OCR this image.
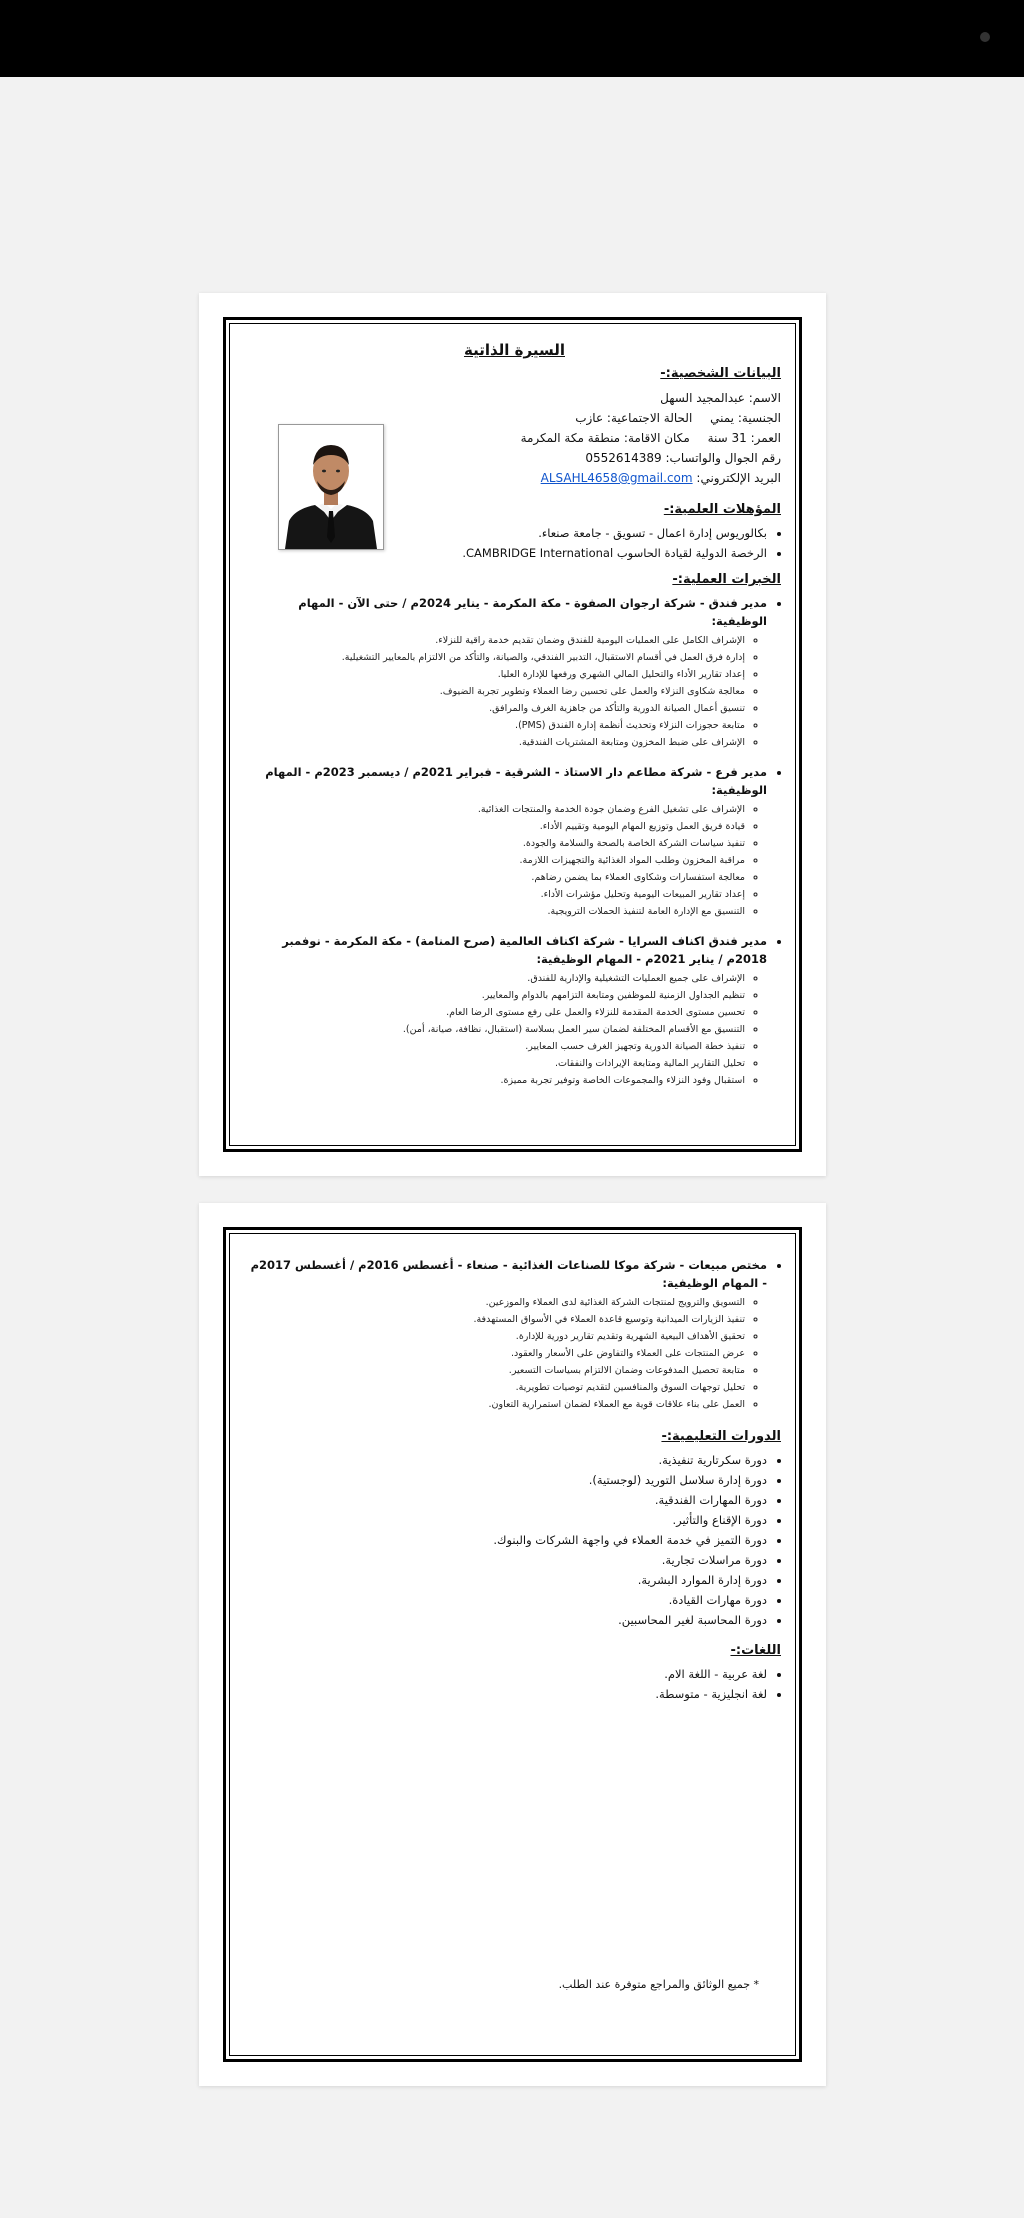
السيرة الذاتية
البيانات الشخصية:-

الاسم: عبدالمجيد السهل

الجنسية: يمني الحالة الاجتماعية: عازب

العمر: 31 سنة مكان الاقامة: منطقة مكة المكرمة

رقم الجوال والواتساب: 0552614389

البريد الإلكتروني: ALSAHL4658@gmail.com

المؤهلات العلمية:-
• بكالوريوس إدارة اعمال - تسويق - جامعة صنعاء.
• الرخصة الدولية لقيادة الحاسوب CAMBRIDGE International.
الخبرات العملية:-
• مدير فندق - شركة ارجوان الصفوة - مكة المكرمة - يناير 2024م / حتى الآن - المهام الوظيفية:
◦ الإشراف الكامل على العمليات اليومية للفندق وضمان تقديم خدمة راقية للنزلاء.
◦ إدارة فرق العمل في أقسام الاستقبال، التدبير الفندقي، والصيانة، والتأكد من الالتزام بالمعايير التشغيلية.
◦ إعداد تقارير الأداء والتحليل المالي الشهري ورفعها للإدارة العليا.
◦ معالجة شكاوى النزلاء والعمل على تحسين رضا العملاء وتطوير تجربة الضيوف.
◦ تنسيق أعمال الصيانة الدورية والتأكد من جاهزية الغرف والمرافق.
◦ متابعة حجوزات النزلاء وتحديث أنظمة إدارة الفندق (PMS).
◦ الإشراف على ضبط المخزون ومتابعة المشتريات الفندقية.
• مدير فرع - شركة مطاعم دار الاستاذ - الشرقية - فبراير 2021م / ديسمبر 2023م - المهام الوظيفية:
◦ الإشراف على تشغيل الفرع وضمان جودة الخدمة والمنتجات الغذائية.
◦ قيادة فريق العمل وتوزيع المهام اليومية وتقييم الأداء.
◦ تنفيذ سياسات الشركة الخاصة بالصحة والسلامة والجودة.
◦ مراقبة المخزون وطلب المواد الغذائية والتجهيزات اللازمة.
◦ معالجة استفسارات وشكاوى العملاء بما يضمن رضاهم.
◦ إعداد تقارير المبيعات اليومية وتحليل مؤشرات الأداء.
◦ التنسيق مع الإدارة العامة لتنفيذ الحملات الترويجية.
• مدير فندق اكناف السرايا - شركة اكناف العالمية (صرح المنامة) - مكة المكرمة - نوفمبر 2018م / يناير 2021م - المهام الوظيفية:
◦ الإشراف على جميع العمليات التشغيلية والإدارية للفندق.
◦ تنظيم الجداول الزمنية للموظفين ومتابعة التزامهم بالدوام والمعايير.
◦ تحسين مستوى الخدمة المقدمة للنزلاء والعمل على رفع مستوى الرضا العام.
◦ التنسيق مع الأقسام المختلفة لضمان سير العمل بسلاسة (استقبال، نظافة، صيانة، أمن).
◦ تنفيذ خطة الصيانة الدورية وتجهيز الغرف حسب المعايير.
◦ تحليل التقارير المالية ومتابعة الإيرادات والنفقات.
◦ استقبال وفود النزلاء والمجموعات الخاصة وتوفير تجربة مميزة.
• مختص مبيعات - شركة موكا للصناعات الغذائية - صنعاء - أغسطس 2016م / أغسطس 2017م - المهام الوظيفية:
◦ التسويق والترويج لمنتجات الشركة الغذائية لدى العملاء والموزعين.
◦ تنفيذ الزيارات الميدانية وتوسيع قاعدة العملاء في الأسواق المستهدفة.
◦ تحقيق الأهداف البيعية الشهرية وتقديم تقارير دورية للإدارة.
◦ عرض المنتجات على العملاء والتفاوض على الأسعار والعقود.
◦ متابعة تحصيل المدفوعات وضمان الالتزام بسياسات التسعير.
◦ تحليل توجهات السوق والمنافسين لتقديم توصيات تطويرية.
◦ العمل على بناء علاقات قوية مع العملاء لضمان استمرارية التعاون.
الدورات التعليمية:-
• دورة سكرتارية تنفيذية.
• دورة إدارة سلاسل التوريد (لوجستية).
• دورة المهارات الفندقية.
• دورة الإقناع والتأثير.
• دورة التميز في خدمة العملاء في واجهة الشركات والبنوك.
• دورة مراسلات تجارية.
• دورة إدارة الموارد البشرية.
• دورة مهارات القيادة.
• دورة المحاسبة لغير المحاسبين.
اللغات:-
• لغة عربية - اللغة الام.
• لغة انجليزية - متوسطة.
* جميع الوثائق والمراجع متوفرة عند الطلب.
